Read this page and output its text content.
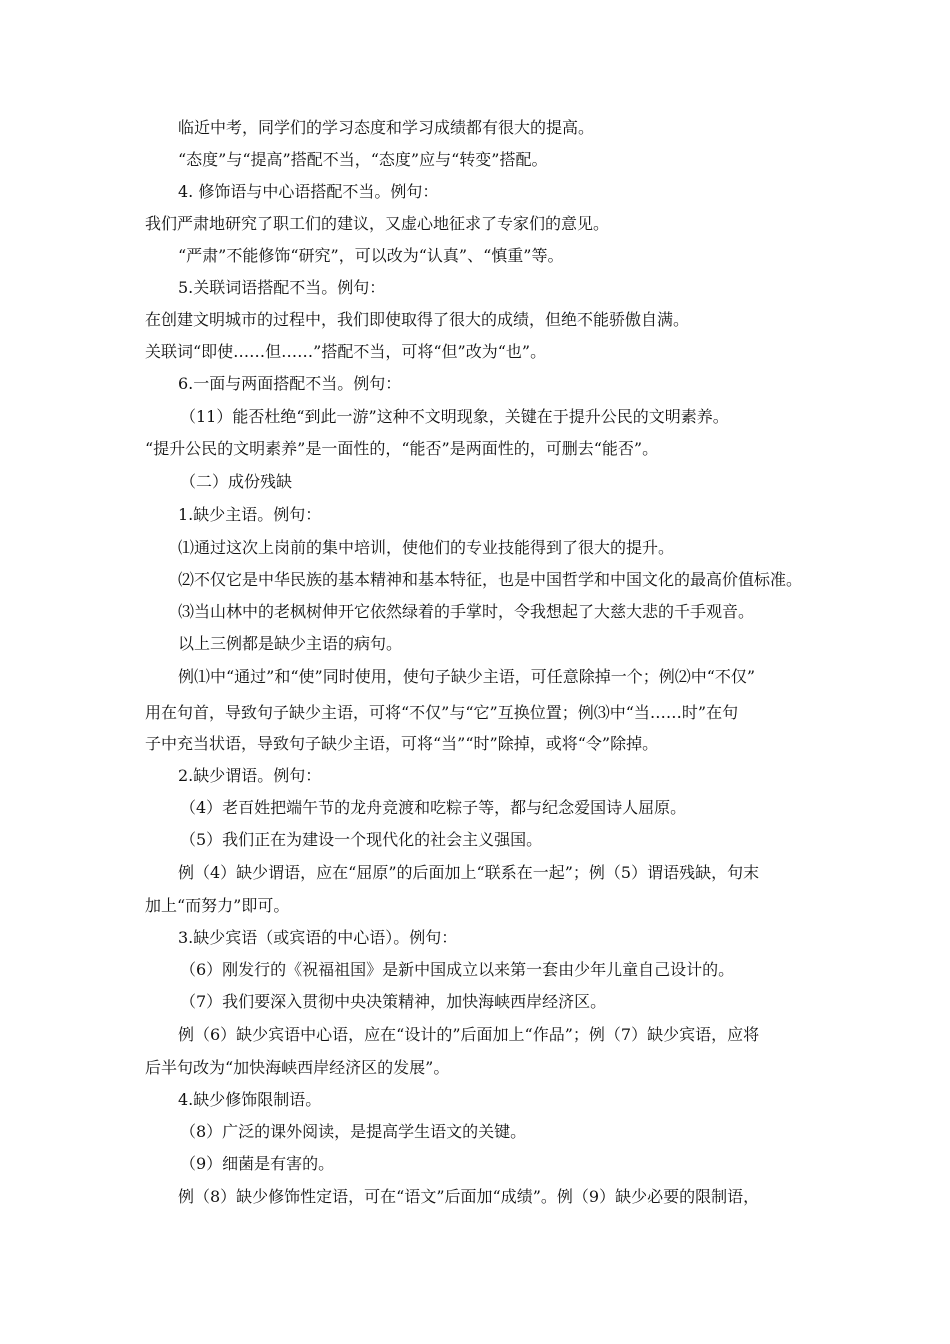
临近中考，同学们的学习态度和学习成绩都有很大的提高。

“态度”与“提高”搭配不当，“态度”应与“转变”搭配。

4. 修饰语与中心语搭配不当。例句：

我们严肃地研究了职工们的建议，又虚心地征求了专家们的意见。

“严肃”不能修饰“研究”，可以改为“认真”、“慎重”等。

5.关联词语搭配不当。例句：

在创建文明城市的过程中，我们即使取得了很大的成绩，但绝不能骄傲自满。

关联词“即使……但……”搭配不当，可将“但”改为“也”。

6.一面与两面搭配不当。例句：

（11）能否杜绝“到此一游”这种不文明现象，关键在于提升公民的文明素养。

“提升公民的文明素养”是一面性的，“能否”是两面性的，可删去“能否”。

（二）成份残缺

1.缺少主语。例句：

⑴通过这次上岗前的集中培训，使他们的专业技能得到了很大的提升。

⑵不仅它是中华民族的基本精神和基本特征，也是中国哲学和中国文化的最高价值标准。

⑶当山林中的老枫树伸开它依然绿着的手掌时，令我想起了大慈大悲的千手观音。

以上三例都是缺少主语的病句。

例⑴中“通过”和“使”同时使用，使句子缺少主语，可任意除掉一个；例⑵中“不仅”

用在句首，导致句子缺少主语，可将“不仅”与“它”互换位置；例⑶中“当……时”在句

子中充当状语，导致句子缺少主语，可将“当”“时”除掉，或将“令”除掉。

2.缺少谓语。例句：

（4）老百姓把端午节的龙舟竞渡和吃粽子等，都与纪念爱国诗人屈原。

（5）我们正在为建设一个现代化的社会主义强国。

例（4）缺少谓语，应在“屈原”的后面加上“联系在一起”；例（5）谓语残缺，句末

加上“而努力”即可。

3.缺少宾语（或宾语的中心语）。例句：

（6）刚发行的《祝福祖国》是新中国成立以来第一套由少年儿童自己设计的。

（7）我们要深入贯彻中央决策精神，加快海峡西岸经济区。

例（6）缺少宾语中心语，应在“设计的”后面加上“作品”；例（7）缺少宾语，应将

后半句改为“加快海峡西岸经济区的发展”。

4.缺少修饰限制语。

（8）广泛的课外阅读，是提高学生语文的关键。

（9）细菌是有害的。

例（8）缺少修饰性定语，可在“语文”后面加“成绩”。例（9）缺少必要的限制语，
